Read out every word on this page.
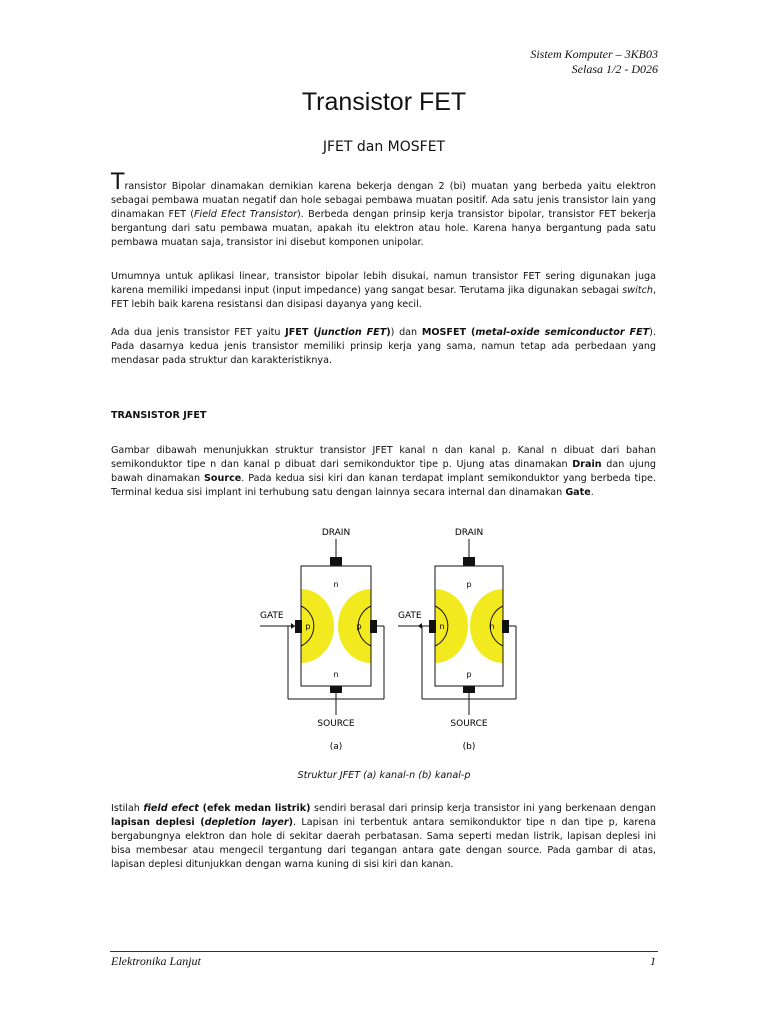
Sistem Komputer – 3KB03
Selasa 1/2 - D026
Transistor FET
JFET dan MOSFET
Transistor Bipolar dinamakan demikian karena bekerja dengan 2 (bi) muatan yang berbeda yaitu elektron sebagai pembawa muatan negatif dan hole sebagai pembawa muatan positif. Ada satu jenis transistor lain yang dinamakan FET (Field Efect Transistor). Berbeda dengan prinsip kerja transistor bipolar, transistor FET bekerja bergantung dari satu pembawa muatan, apakah itu elektron atau hole. Karena hanya bergantung pada satu pembawa muatan saja, transistor ini disebut komponen unipolar.
Umumnya untuk aplikasi linear, transistor bipolar lebih disukai, namun transistor FET sering digunakan juga karena memiliki impedansi input (input impedance) yang sangat besar. Terutama jika digunakan sebagai switch, FET lebih baik karena resistansi dan disipasi dayanya yang kecil.
Ada dua jenis transistor FET yaitu JFET (junction FET)) dan MOSFET (metal-oxide semiconductor FET). Pada dasarnya kedua jenis transistor memiliki prinsip kerja yang sama, namun tetap ada perbedaan yang mendasar pada struktur dan karakteristiknya.
TRANSISTOR JFET
Gambar dibawah menunjukkan struktur transistor JFET kanal n dan kanal p. Kanal n dibuat dari bahan semikonduktor tipe n dan kanal p dibuat dari semikonduktor tipe p. Ujung atas dinamakan Drain dan ujung bawah dinamakan Source. Pada kedua sisi kiri dan kanan terdapat implant semikonduktor yang berbeda tipe. Terminal kedua sisi implant ini terhubung satu dengan lainnya secara internal dan dinamakan Gate.
DRAIN
n
p	p
n
GATE
SOURCE
(a)
DRAIN
p
n	n
p
GATE
SOURCE
(b)
Struktur JFET (a) kanal-n (b) kanal-p
Istilah field efect (efek medan listrik) sendiri berasal dari prinsip kerja transistor ini yang berkenaan dengan lapisan deplesi (depletion layer). Lapisan ini terbentuk antara semikonduktor tipe n dan tipe p, karena bergabungnya elektron dan hole di sekitar daerah perbatasan. Sama seperti medan listrik, lapisan deplesi ini bisa membesar atau mengecil tergantung dari tegangan antara gate dengan source. Pada gambar di atas, lapisan deplesi ditunjukkan dengan warna kuning di sisi kiri dan kanan.
Elektronika Lanjut	1
